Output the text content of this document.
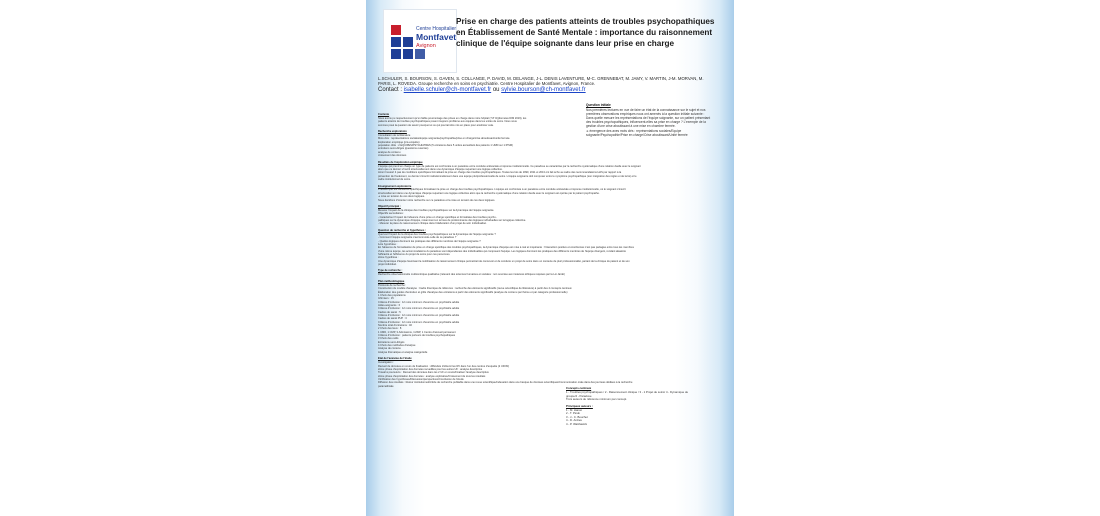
Centre Hospitalier
Montfavet
Avignon
Prise en charge des patients atteints de troubles psychopathiques en Établissement de Santé Mentale : importance du raisonnement clinique de l'équipe soignante dans leur prise en charge

L.SCHULER, S. BOURSON, S. GAVEN, S. COLLANGE, P. DAVID, M. DELANGE, J-L. DENIS LAVENTURE, M-C. GRENNEBAT, M. JAMY, V. MARTIN, J-M. MORVAN, M. PARIS, L. ROVEDA. Groupe recherche en soins en psychiatrie. Centre Hospitalier de Montfavet, Avignon, France.

Contact : isabelle.schuler@ch-montfavet.fr ou sylvie.bourson@ch-montfavet.fr
Question initiale
Nos premières lectures en vue de faire un état de la connaissance sur le sujet et nos
premières observations empiriques nous ont amenés à la question initiale suivante :
Dans quelle mesure les représentations de l'équipe soignante, sur un patient présentant
des troubles psychopathiques, influencent-elles sa prise en charge ? L'exemple de la
gestion d'une crise aboutissant à une mise en chambre fermée.
➔ émergence des axes mots clés : représentations sociales/Equipe
soignante/Psychopathie/Prise en charge/Crise aboutissant/Unité fermée
Contexte
Nous avons pu respectivement qu'un faible pourcentage des prises en charge dans notre hôpital (7.8 %)(données DIM 2019), les
patients atteints de troubles psychopathiques posent toujours problème aux équipes dans les unités de soins. Nous nous
sommes posé la question de savoir pourquoi et ce qui pourrait être mis en place pour améliorer cela.
Recherche exploratoire
Consultation de la littérature
Mots clés : représentations sociales/équipe soignante/psychopathie/prise en charge/crise aboutissant/unité fermée.
Exploration empirique (pré-enquête)
population cible : 2 ÉQUIPES/PSYCHIATRES (5 entretiens dans 5 unités accueillant des patients 1 UMD sur 1 IPSM)
entretiens semi-dirigés (questions ouvertes)
analyse de contenu
croisement des données
Résultats de l'exploration empirique
L'équipe qui prend en charge un type de patients est confrontée à un paradoxe entre conduite antisociale et réponse institutionnelle. Ce paradoxe se caractérise par la recherche systématique d'une relation duelle avec le soignant
alors que ce dernier s'inscrit structurellement dans une dynamique d'équipe requérant une logique collective.
Ainsi il ressort 4 pas de conditions spécifiques formalisant la prise en charge des troubles psychopathiques. Toutes les lois de 1990, 2011 et 2013 ont fait écho au cadre des recommandations HAS par rapport à la
prévention de l'isolement, ce dernier s'inscrit institutionnellement dans une équipe pluriprofessionnelle de soins. L'équipe soignante doit composer entre le symptôme psychopathique (son intégration des règles et de la loi) et le
cadre institutionnel de soins.
Enseignement exploratoire
Il ressort que les conditions spécifiques formalisant la prise en charge des troubles psychopathiques. L'équipe est confrontée à un paradoxe entre conduite antisociale et réponse institutionnelle, où le soignant s'inscrit
structurellement dans une dynamique d'équipe requérant une logique collective alors que la recherche systématique d'une relation duelle avec le soignant est opérée par le patient psychopathe.
➔ mise en tension de ces deux logiques.
Nous décidons d'orienter notre recherche sur ce paradoxe et la mise en tension de ces deux logiques.
Objectif principal :
Mesurer l'impact de la clinique des troubles psychopathiques sur la dynamique de l'équipe soignante.
Objectifs secondaires :
- Caractériser l'impact de l'absence d'une prise en charge spécifique et formalisée des troubles psycho-
pathiques sur la dynamique d'équipe, notamment en termes de prédominance des logiques individuelles sur la logique collective.
- Mesurer la place du raisonnement clinique dans l'élaboration d'un projet de soin individualisé.
Question de recherche et hypothèses :
Quel est l'impact de la clinique des troubles psychopathiques sur la dynamique de l'équipe soignante ?
- Comment l'équipe soignante s'accommode-t-elle de ce paradoxe ?
- Quelles logiques dominent les pratiques des différents membres de l'équipe soignante ?
1ère hypothèse :
En l'absence de formalisation de prise en charge spécifique des troubles psychopathiques, la dynamique d'équipe est mise à mal et inopérante : l'interaction positive et coordonnée n'est pas partagée entre tous les membres
d'une même équipe, les accommodations du paradoxe sont dépendantes des individualités qui composent l'équipe. Les logiques dominent les pratiques des différents membres de l'équipe divergent, rendant aléatoire
l'efficacité et l'efficience du projet de soins pour ces personnes.
2ème hypothèse :
Une dynamique d'équipe favorisant la mobilisation du raisonnement clinique permettrait de concevoir et de conduire un projet de soins dans un contexte de pluri professionnalité, partant de la clinique du patient et de son
projet individuel.
Type de recherche :
Recherche observationnelle multicentrique qualitative (relevant des sciences humaines et sociales : non soumise aux instances éthiques requises par la Loi Jardé)
Plan méthodologique
Protocole de recherche :
Construction du modèle d'analyse : Cadre théorique de référence : recherche des éléments significatifs (revue scientifique de littérature) à partir des 4 concepts centraux
Élaboration des guides d'entretien et grille d'analyse des entretiens à partir des éléments significatifs (analyse de contenu par thème et par catégorie professionnelle)
1 Choix des populations
Infirmiers : 15
Critères d'inclusion : 12 mois minimum d'exercice en psychiatrie adulte
Aides-soignants : 6
Critères d'inclusion : 12 mois minimum d'exercice en psychiatrie adulte
Cadres de santé : 5
Critères d'inclusion : 12 mois minimum d'exercice en psychiatrie adulte
Cadres de santé PUP : 3
Critères d'inclusion : 12 mois minimum d'exercice en psychiatrie adulte
Nombre total d'entretiens : 40
2 Choix des lieux : 8
1 UMD, 1 CMP, 3 Admissions, 1USIP, 1 Centre d'accueil permanent
Critères d'inclusion : patients porteurs de troubles psychopathiques
3 Choix des outils
Entretiens semi-dirigés
4 Choix des méthodes d'analyse
Analyse de contenu
Analyse thématique et analyse catégorielle
Etat de l'avancée de l'étude
Investigation :
Recueil de données en cours de finalisation : difficultés d'obtenir les RV dans l'un des centres d'enquête (2 UFON)
2ème phase d'exploitation des données recueillies pour les autres UF : analyse descriptive
Travail à poursuivre : Recueil des données dans les 2 UF en cours/Finaliser l'analyse descriptive
2ème phase d'exploitation des données : analyse explicative/Croisement de tous les résultats
Vérification des hypothèses/Discussion/perspectives/Conclusion de l'étude
Diffusion des résultats : Retour institutionnel/Article de recherche publiable dans une revue scientifique/indexation dans une banque de données scientifiques/Communication orale dans des journées dédiées à la recherche
paramédicale	Concepts centraux
1 - Troubles psychopathiques / 2 - Raisonnement clinique / 3 - 1 Projet de soins/ 4 - Dynamique de
groupe/4 - Paradoxe
Trois auteurs de référence minimum par concept.
Principaux auteurs :
1 - M. Hanon
2 - T. Psiuk
3 - J.- C. Bouchet
4 - D. Anzieu
4 - P. Watzlawick
